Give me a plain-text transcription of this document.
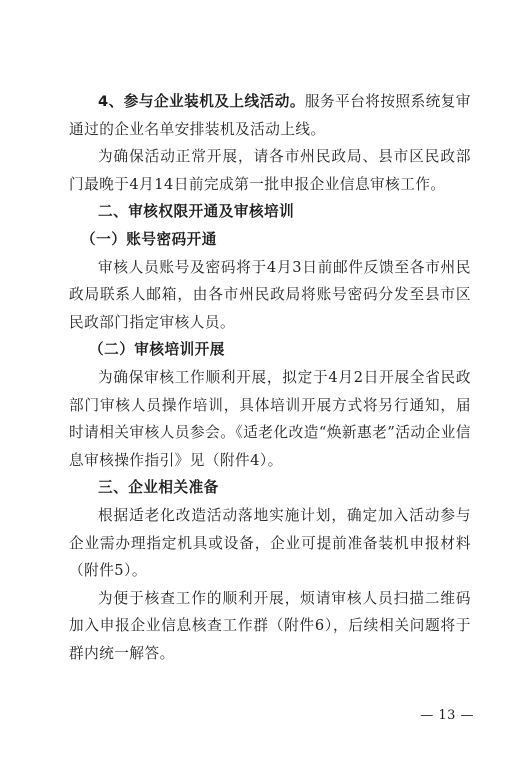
4、参与企业装机及上线活动。服务平台将按照系统复审通过的企业名单安排装机及活动上线。

为确保活动正常开展，请各市州民政局、县市区民政部门最晚于4月14日前完成第一批申报企业信息审核工作。

二、审核权限开通及审核培训

（一）账号密码开通

审核人员账号及密码将于4月3日前邮件反馈至各市州民政局联系人邮箱，由各市州民政局将账号密码分发至县市区民政部门指定审核人员。

（二）审核培训开展

为确保审核工作顺利开展，拟定于4月2日开展全省民政部门审核人员操作培训，具体培训开展方式将另行通知，届时请相关审核人员参会。《适老化改造“焕新惠老”活动企业信息审核操作指引》见（附件4）。

三、企业相关准备

根据适老化改造活动落地实施计划，确定加入活动参与企业需办理指定机具或设备，企业可提前准备装机申报材料（附件5）。

为便于核查工作的顺利开展，烦请审核人员扫描二维码加入申报企业信息核查工作群（附件6），后续相关问题将于群内统一解答。

— 13 —
